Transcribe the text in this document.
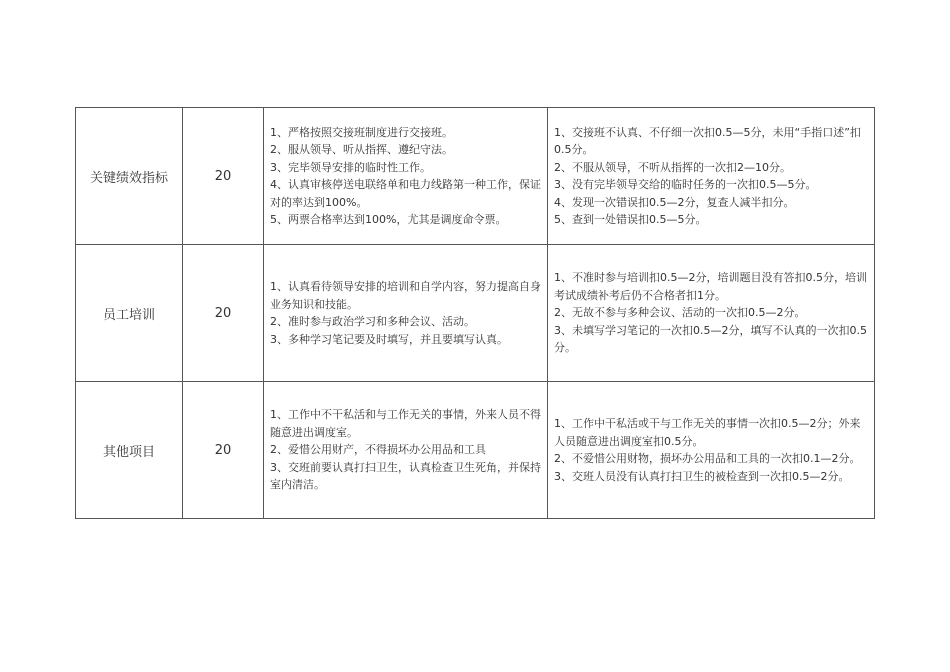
关键绩效指标	20	1、严格按照交接班制度进行交接班。
2、服从领导、听从指挥、遵纪守法。
3、完毕领导安排的临时性工作。
4、认真审核停送电联络单和电力线路第一种工作，保证对的率达到100%。
5、两票合格率达到100%，尤其是调度命令票。	1、交接班不认真、不仔细一次扣0.5—5分，未用“手指口述”扣0.5分。
2、不服从领导，不听从指挥的一次扣2—10分。
3、没有完毕领导交给的临时任务的一次扣0.5—5分。
4、发现一次错误扣0.5—2分，复查人减半扣分。
5、查到一处错误扣0.5—5分。

员工培训	20	1、认真看待领导安排的培训和自学内容，努力提高自身业务知识和技能。
2、准时参与政治学习和多种会议、活动。
3、多种学习笔记要及时填写，并且要填写认真。	1、不准时参与培训扣0.5—2分，培训题目没有答扣0.5分，培训考试成绩补考后仍不合格者扣1分。
2、无故不参与多种会议、活动的一次扣0.5—2分。
3、未填写学习笔记的一次扣0.5—2分，填写不认真的一次扣0.5分。

其他项目	20	1、工作中不干私活和与工作无关的事情，外来人员不得随意进出调度室。
2、爱惜公用财产，不得损坏办公用品和工具
3、交班前要认真打扫卫生，认真检查卫生死角，并保持室内清洁。	1、工作中干私活或干与工作无关的事情一次扣0.5—2分；外来人员随意进出调度室扣0.5分。
2、不爱惜公用财物，损坏办公用品和工具的一次扣0.1—2分。
3、交班人员没有认真打扫卫生的被检查到一次扣0.5—2分。
